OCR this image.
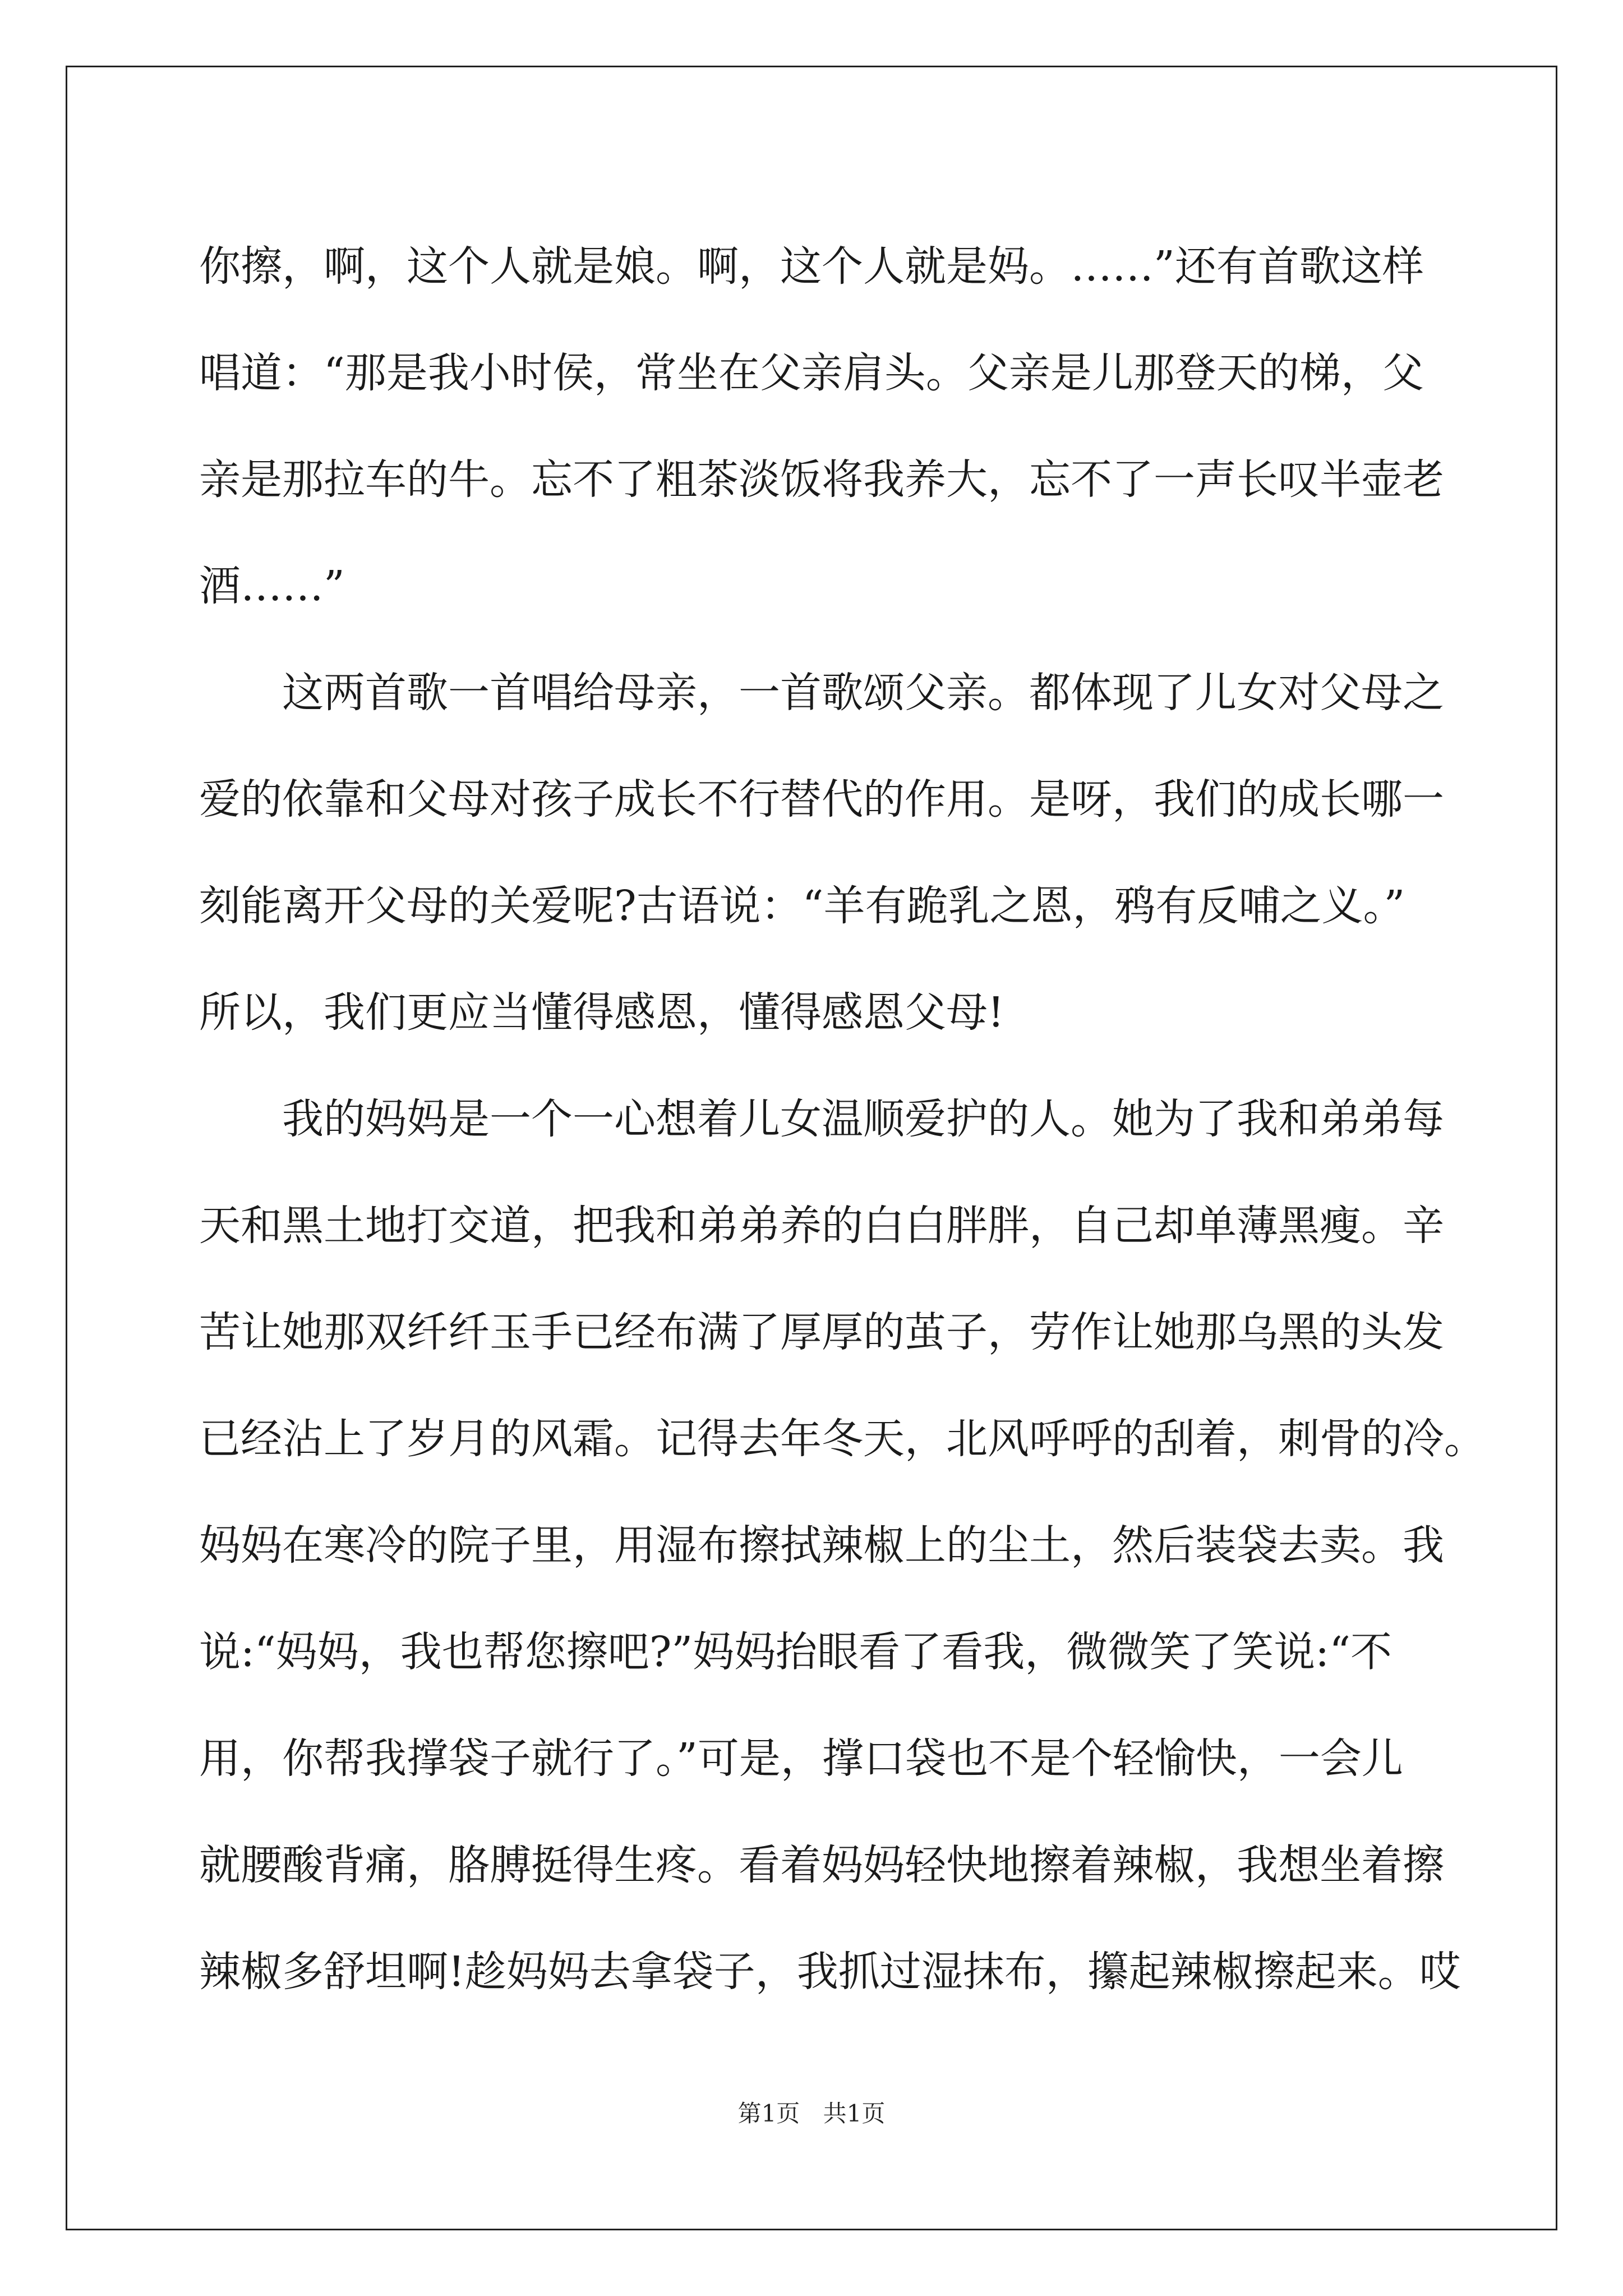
你擦，啊，这个人就是娘。啊，这个人就是妈。……”还有首歌这样
唱道：“那是我小时侯，常坐在父亲肩头。父亲是儿那登天的梯，父
亲是那拉车的牛。忘不了粗茶淡饭将我养大，忘不了一声长叹半壶老
酒……”
这两首歌一首唱给母亲，一首歌颂父亲。都体现了儿女对父母之
爱的依靠和父母对孩子成长不行替代的作用。是呀，我们的成长哪一
刻能离开父母的关爱呢?古语说：“羊有跪乳之恩，鸦有反哺之义。”
所以，我们更应当懂得感恩，懂得感恩父母!
我的妈妈是一个一心想着儿女温顺爱护的人。她为了我和弟弟每
天和黑土地打交道，把我和弟弟养的白白胖胖，自己却单薄黑瘦。辛
苦让她那双纤纤玉手已经布满了厚厚的茧子，劳作让她那乌黑的头发
已经沾上了岁月的风霜。记得去年冬天，北风呼呼的刮着，刺骨的冷。
妈妈在寒冷的院子里，用湿布擦拭辣椒上的尘土，然后装袋去卖。我
说:“妈妈，我也帮您擦吧?”妈妈抬眼看了看我，微微笑了笑说:“不
用，你帮我撑袋子就行了。”可是，撑口袋也不是个轻愉快，一会儿
就腰酸背痛，胳膊挺得生疼。看着妈妈轻快地擦着辣椒，我想坐着擦
辣椒多舒坦啊!趁妈妈去拿袋子，我抓过湿抹布，攥起辣椒擦起来。哎
第1页 共1页
